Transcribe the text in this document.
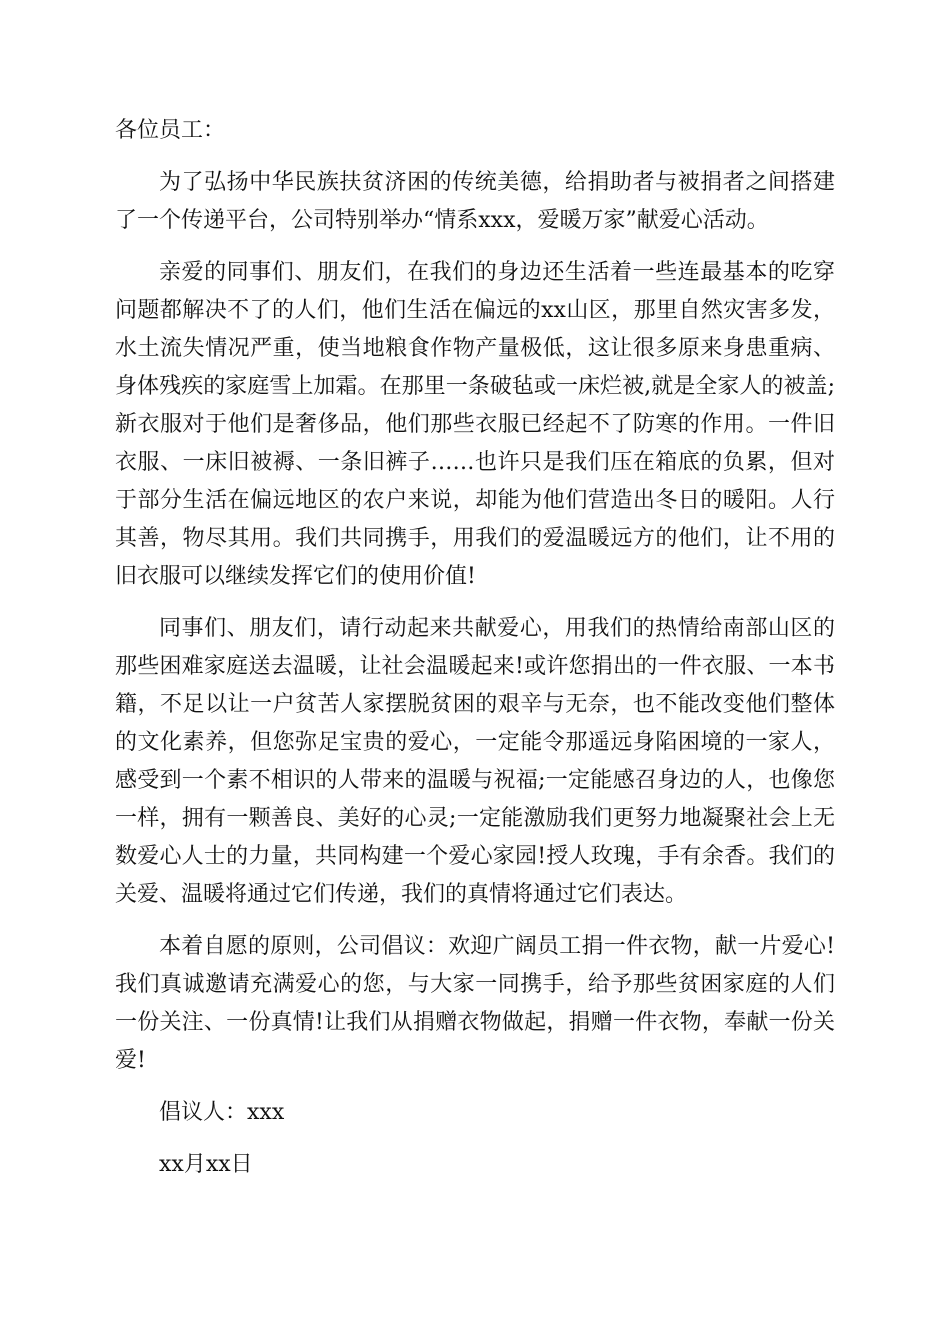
各位员工：

为了弘扬中华民族扶贫济困的传统美德，给捐助者与被捐者之间搭建了一个传递平台，公司特别举办“情系xxx，爱暖万家”献爱心活动。

亲爱的同事们、朋友们，在我们的身边还生活着一些连最基本的吃穿问题都解决不了的人们，他们生活在偏远的xx山区，那里自然灾害多发，水土流失情况严重，使当地粮食作物产量极低，这让很多原来身患重病、身体残疾的家庭雪上加霜。在那里一条破毡或一床烂被,就是全家人的被盖;新衣服对于他们是奢侈品，他们那些衣服已经起不了防寒的作用。一件旧衣服、一床旧被褥、一条旧裤子……也许只是我们压在箱底的负累，但对于部分生活在偏远地区的农户来说，却能为他们营造出冬日的暖阳。人行其善，物尽其用。我们共同携手，用我们的爱温暖远方的他们，让不用的旧衣服可以继续发挥它们的使用价值!

同事们、朋友们，请行动起来共献爱心，用我们的热情给南部山区的那些困难家庭送去温暖，让社会温暖起来!或许您捐出的一件衣服、一本书籍，不足以让一户贫苦人家摆脱贫困的艰辛与无奈，也不能改变他们整体的文化素养，但您弥足宝贵的爱心，一定能令那遥远身陷困境的一家人，感受到一个素不相识的人带来的温暖与祝福;一定能感召身边的人，也像您一样，拥有一颗善良、美好的心灵;一定能激励我们更努力地凝聚社会上无数爱心人士的力量，共同构建一个爱心家园!授人玫瑰，手有余香。我们的关爱、温暖将通过它们传递，我们的真情将通过它们表达。

本着自愿的原则，公司倡议：欢迎广阔员工捐一件衣物，献一片爱心!我们真诚邀请充满爱心的您，与大家一同携手，给予那些贫困家庭的人们一份关注、一份真情!让我们从捐赠衣物做起，捐赠一件衣物，奉献一份关爱!

倡议人：xxx

xx月xx日
